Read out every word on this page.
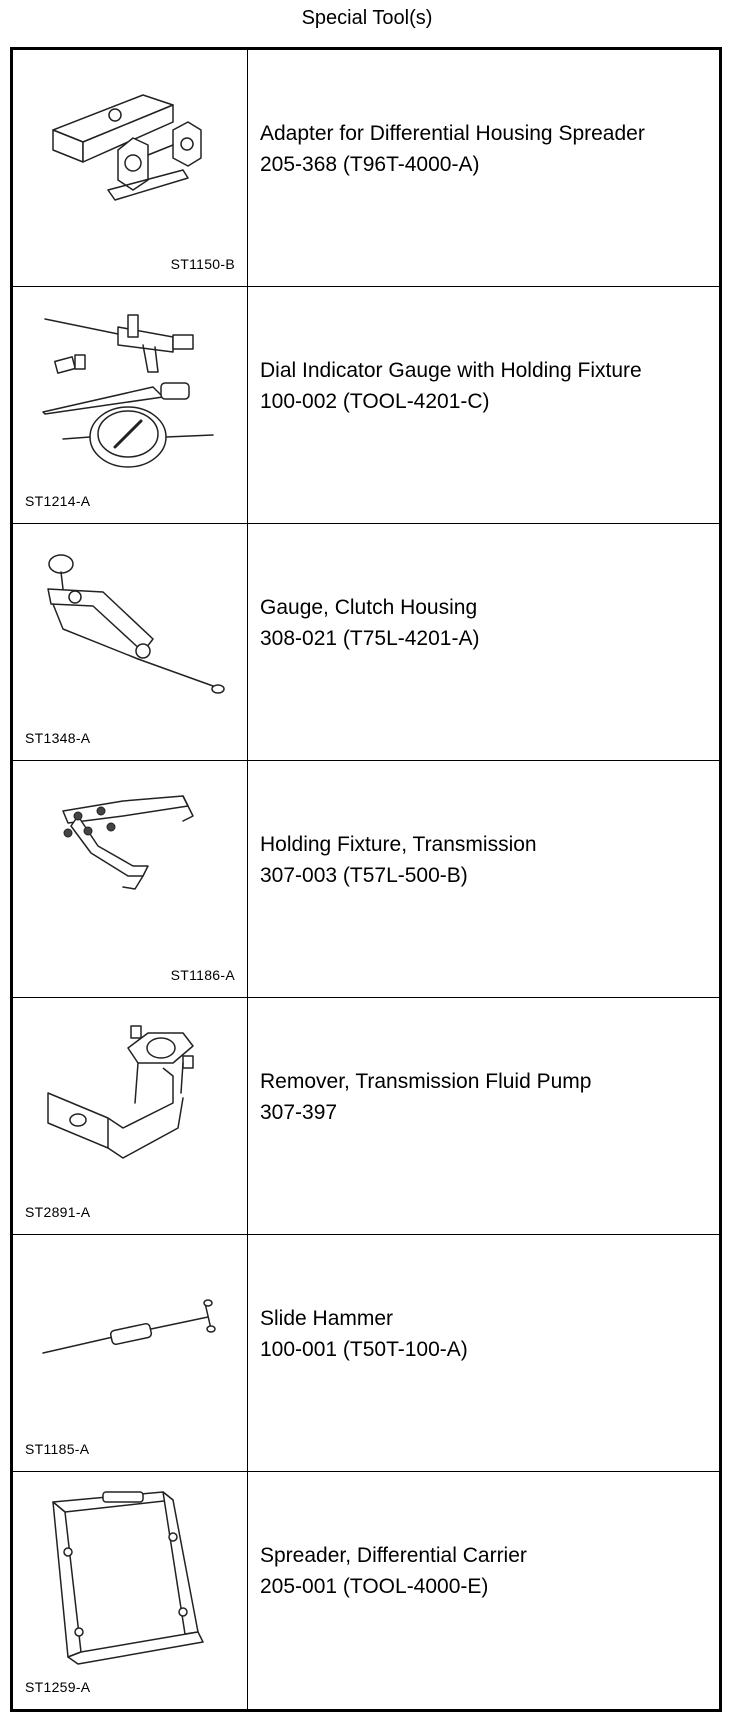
Special Tool(s)
ST1150-B
Adapter for Differential Housing Spreader
205-368 (T96T-4000-A)
ST1214-A
Dial Indicator Gauge with Holding Fixture
100-002 (TOOL-4201-C)
ST1348-A
Gauge, Clutch Housing
308-021 (T75L-4201-A)
ST1186-A
Holding Fixture, Transmission
307-003 (T57L-500-B)
ST2891-A
Remover, Transmission Fluid Pump
307-397
ST1185-A
Slide Hammer
100-001 (T50T-100-A)
ST1259-A
Spreader, Differential Carrier
205-001 (TOOL-4000-E)
